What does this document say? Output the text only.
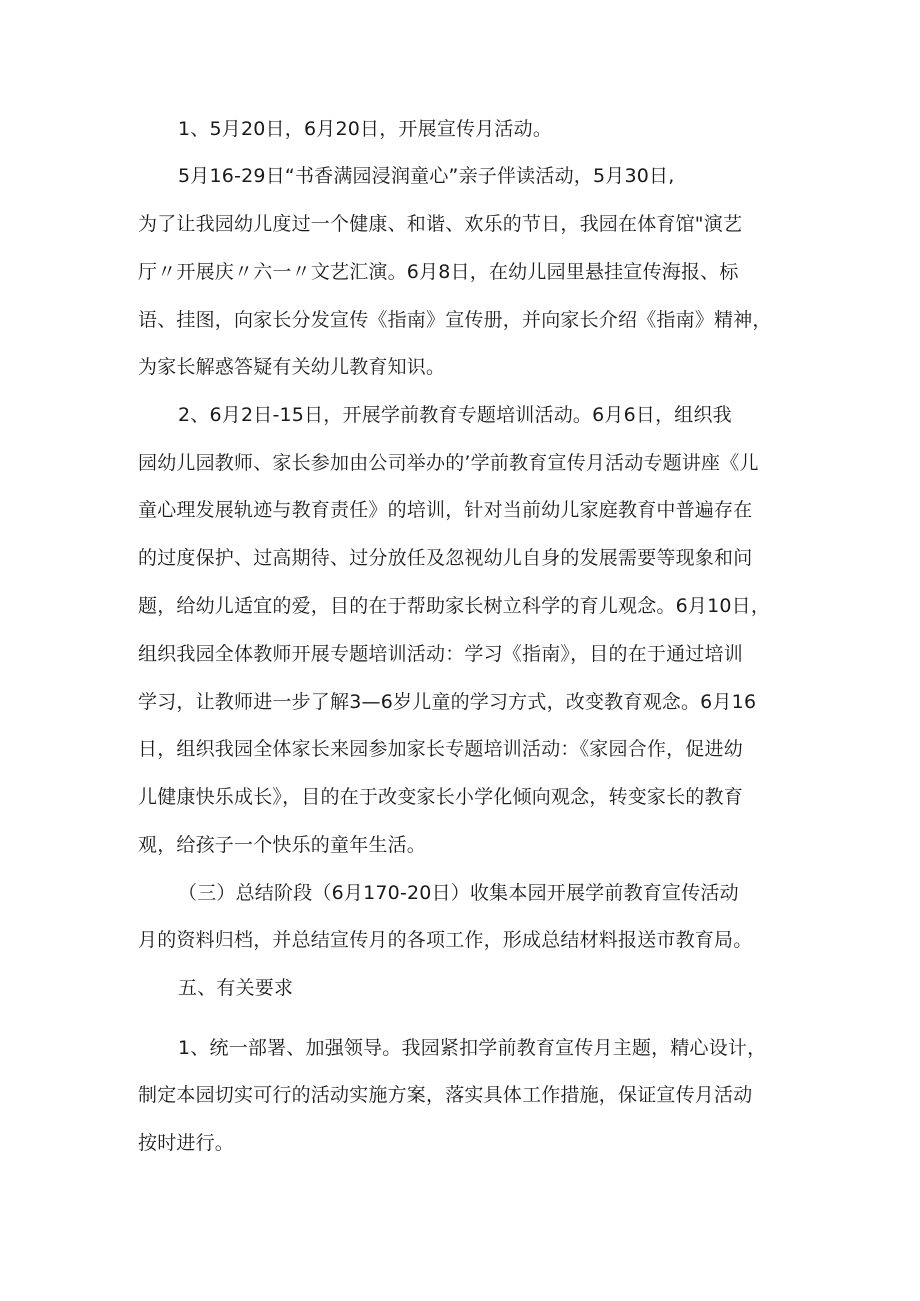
1、5月20日，6月20日，开展宣传月活动。
5月16-29日“书香满园浸润童心”亲子伴读活动，5月30日,
为了让我园幼儿度过一个健康、和谐、欢乐的节日，我园在体育馆"演艺
厅〃开展庆〃六一〃文艺汇演。6月8日，在幼儿园里悬挂宣传海报、标
语、挂图，向家长分发宣传《指南》宣传册，并向家长介绍《指南》精神，
为家长解惑答疑有关幼儿教育知识。
2、6月2日-15日，开展学前教育专题培训活动。6月6日，组织我
园幼儿园教师、家长参加由公司举办的’学前教育宣传月活动专题讲座《儿
童心理发展轨迹与教育责任》的培训，针对当前幼儿家庭教育中普遍存在
的过度保护、过高期待、过分放任及忽视幼儿自身的发展需要等现象和问
题，给幼儿适宜的爱，目的在于帮助家长树立科学的育儿观念。6月10日，
组织我园全体教师开展专题培训活动：学习《指南》，目的在于通过培训
学习，让教师进一步了解3—6岁儿童的学习方式，改变教育观念。6月16
日，组织我园全体家长来园参加家长专题培训活动：《家园合作，促进幼
儿健康快乐成长》，目的在于改变家长小学化倾向观念，转变家长的教育
观，给孩子一个快乐的童年生活。
（三）总结阶段（6月170-20日）收集本园开展学前教育宣传活动
月的资料归档，并总结宣传月的各项工作，形成总结材料报送市教育局。
五、有关要求
1、统一部署、加强领导。我园紧扣学前教育宣传月主题，精心设计，
制定本园切实可行的活动实施方案，落实具体工作措施，保证宣传月活动
按时进行。
